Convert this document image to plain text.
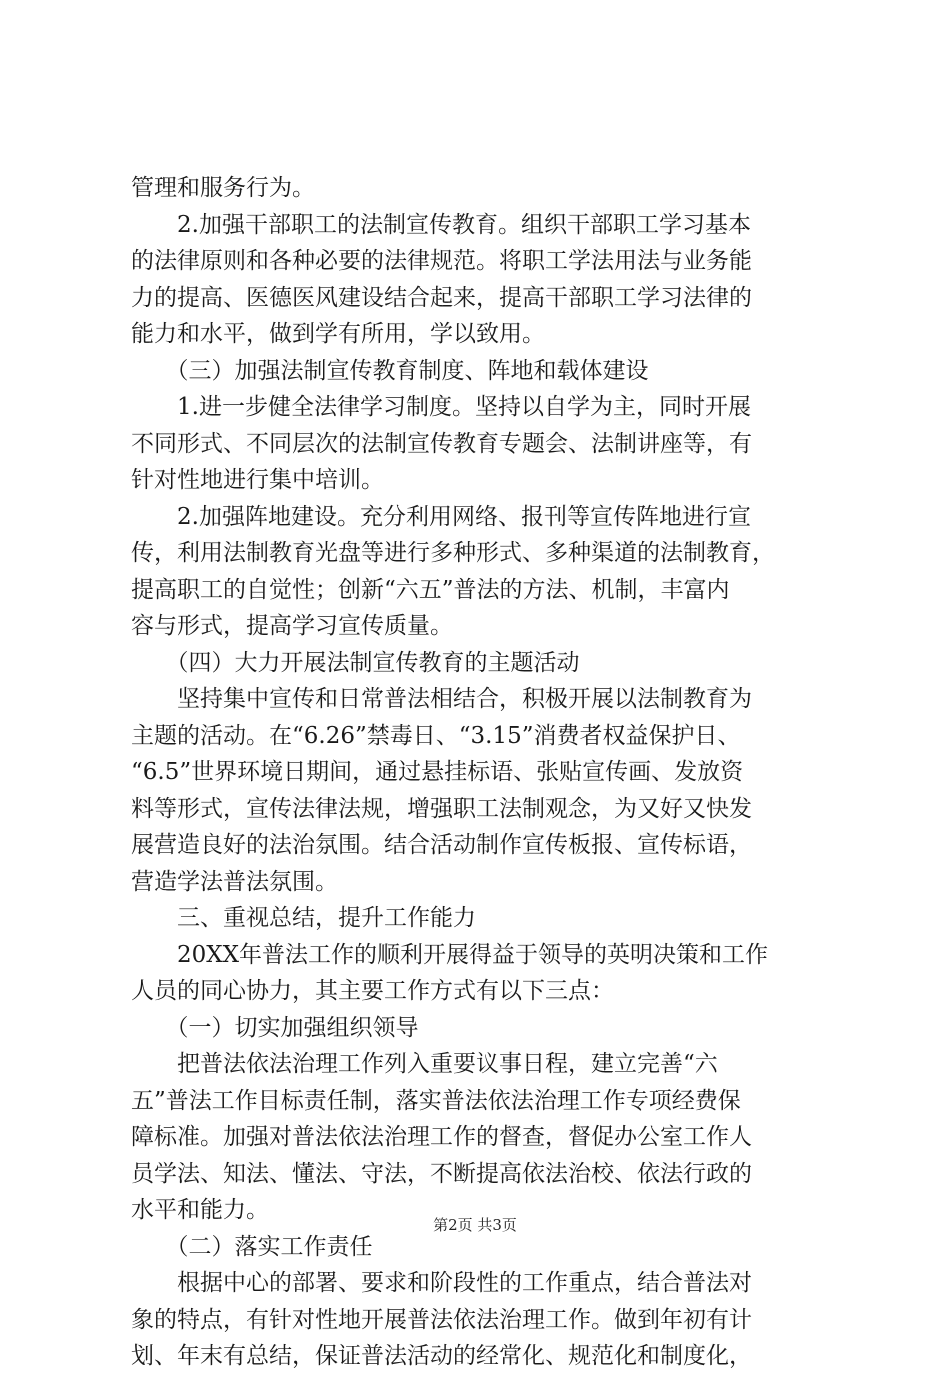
管理和服务行为。
　　2.加强干部职工的法制宣传教育。组织干部职工学习基本
的法律原则和各种必要的法律规范。将职工学法用法与业务能
力的提高、医德医风建设结合起来，提高干部职工学习法律的
能力和水平，做到学有所用，学以致用。
　　（三）加强法制宣传教育制度、阵地和载体建设
　　1.进一步健全法律学习制度。坚持以自学为主，同时开展
不同形式、不同层次的法制宣传教育专题会、法制讲座等，有
针对性地进行集中培训。
　　2.加强阵地建设。充分利用网络、报刊等宣传阵地进行宣
传，利用法制教育光盘等进行多种形式、多种渠道的法制教育，
提高职工的自觉性；创新“六五”普法的方法、机制，丰富内
容与形式，提高学习宣传质量。
　　（四）大力开展法制宣传教育的主题活动
　　坚持集中宣传和日常普法相结合，积极开展以法制教育为
主题的活动。在“6.26”禁毒日、“3.15”消费者权益保护日、
“6.5”世界环境日期间，通过悬挂标语、张贴宣传画、发放资
料等形式，宣传法律法规，增强职工法制观念，为又好又快发
展营造良好的法治氛围。结合活动制作宣传板报、宣传标语，
营造学法普法氛围。
　　三、重视总结，提升工作能力
　　20XX年普法工作的顺利开展得益于领导的英明决策和工作
人员的同心协力，其主要工作方式有以下三点：
　　（一）切实加强组织领导
　　把普法依法治理工作列入重要议事日程，建立完善“六
五”普法工作目标责任制，落实普法依法治理工作专项经费保
障标准。加强对普法依法治理工作的督查，督促办公室工作人
员学法、知法、懂法、守法，不断提高依法治校、依法行政的
水平和能力。
　　（二）落实工作责任
　　根据中心的部署、要求和阶段性的工作重点，结合普法对
象的特点，有针对性地开展普法依法治理工作。做到年初有计
划、年末有总结，保证普法活动的经常化、规范化和制度化，
第2页 共3页
